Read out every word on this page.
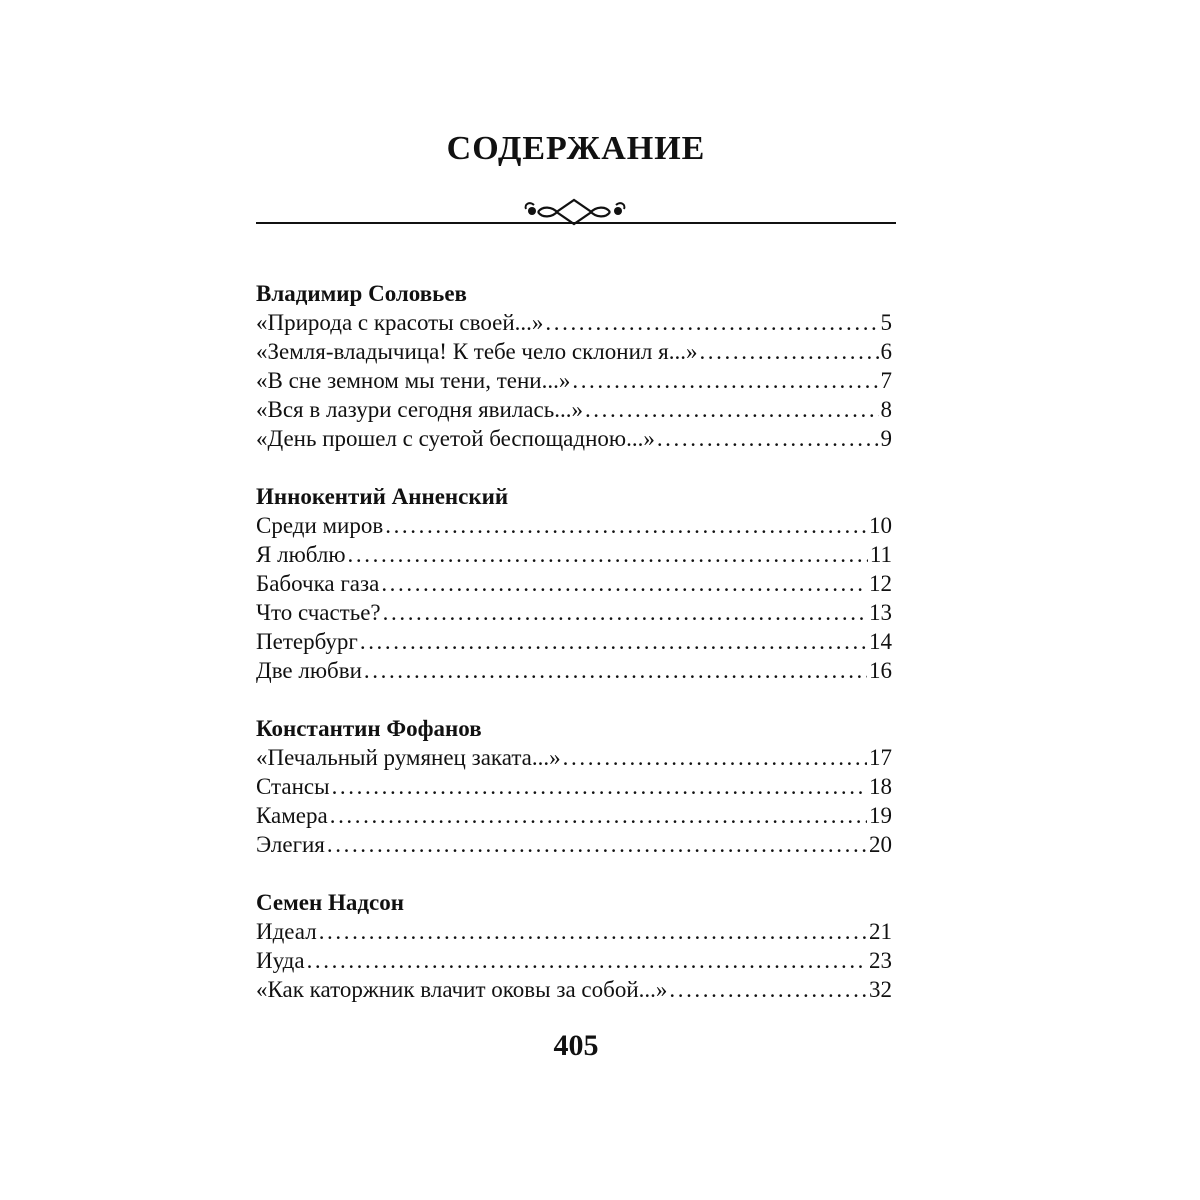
СОДЕРЖАНИЕ
Владимир Соловьев
«Природа с красоты своей...» .....	5
«Земля-владычица! К тебе чело склонил я...» .....	6
«В сне земном мы тени, тени...» .....	7
«Вся в лазури сегодня явилась...» .....	8
«День прошел с суетой беспощадною...» .....	9
Иннокентий Анненский
Среди миров .....	10
Я люблю .....	11
Бабочка газа .....	12
Что счастье? .....	13
Петербург .....	14
Две любви .....	16
Константин Фофанов
«Печальный румянец заката...» .....	17
Стансы .....	18
Камера .....	19
Элегия .....	20
Семен Надсон
Идеал .....	21
Иуда .....	23
«Как каторжник влачит оковы за собой...» .....	32
405
